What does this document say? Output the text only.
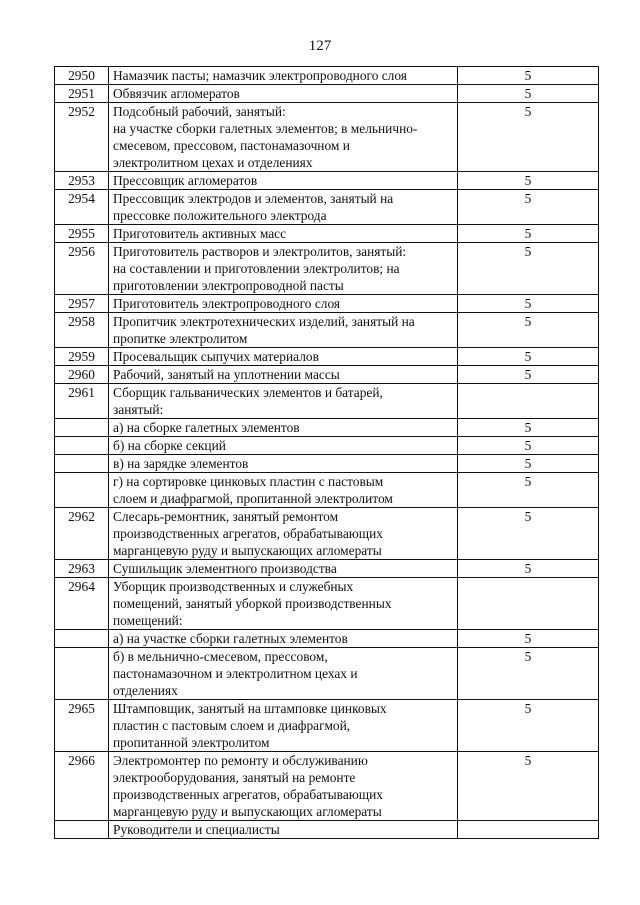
127
2950	Намазчик пасты; намазчик электропроводного слоя	5
2951	Обвязчик агломератов	5
2952	Подсобный рабочий, занятый:
на участке сборки галетных элементов; в мельнично-
смесевом, прессовом, пастонамазочном и
электролитном цехах и отделениях	5
2953	Прессовщик агломератов	5
2954	Прессовщик электродов и элементов, занятый на
прессовке положительного электрода	5
2955	Приготовитель активных масс	5
2956	Приготовитель растворов и электролитов, занятый:
на составлении и приготовлении электролитов; на
приготовлении электропроводной пасты	5
2957	Приготовитель электропроводного слоя	5
2958	Пропитчик электротехнических изделий, занятый на
пропитке электролитом	5
2959	Просевальщик сыпучих материалов	5
2960	Рабочий, занятый на уплотнении массы	5
2961	Сборщик гальванических элементов и батарей,
занятый:	
	а) на сборке галетных элементов	5
	б) на сборке секций	5
	в) на зарядке элементов	5
	г) на сортировке цинковых пластин с пастовым
слоем и диафрагмой, пропитанной электролитом	5
2962	Слесарь-ремонтник, занятый ремонтом
производственных агрегатов, обрабатывающих
марганцевую руду и выпускающих агломераты	5
2963	Сушильщик элементного производства	5
2964	Уборщик производственных и служебных
помещений, занятый уборкой производственных
помещений:	
	а) на участке сборки галетных элементов	5
	б) в мельнично-смесевом, прессовом,
пастонамазочном и электролитном цехах и
отделениях	5
2965	Штамповщик, занятый на штамповке цинковых
пластин с пастовым слоем и диафрагмой,
пропитанной электролитом	5
2966	Электромонтер по ремонту и обслуживанию
электрооборудования, занятый на ремонте
производственных агрегатов, обрабатывающих
марганцевую руду и выпускающих агломераты	5
	Руководители и специалисты	
